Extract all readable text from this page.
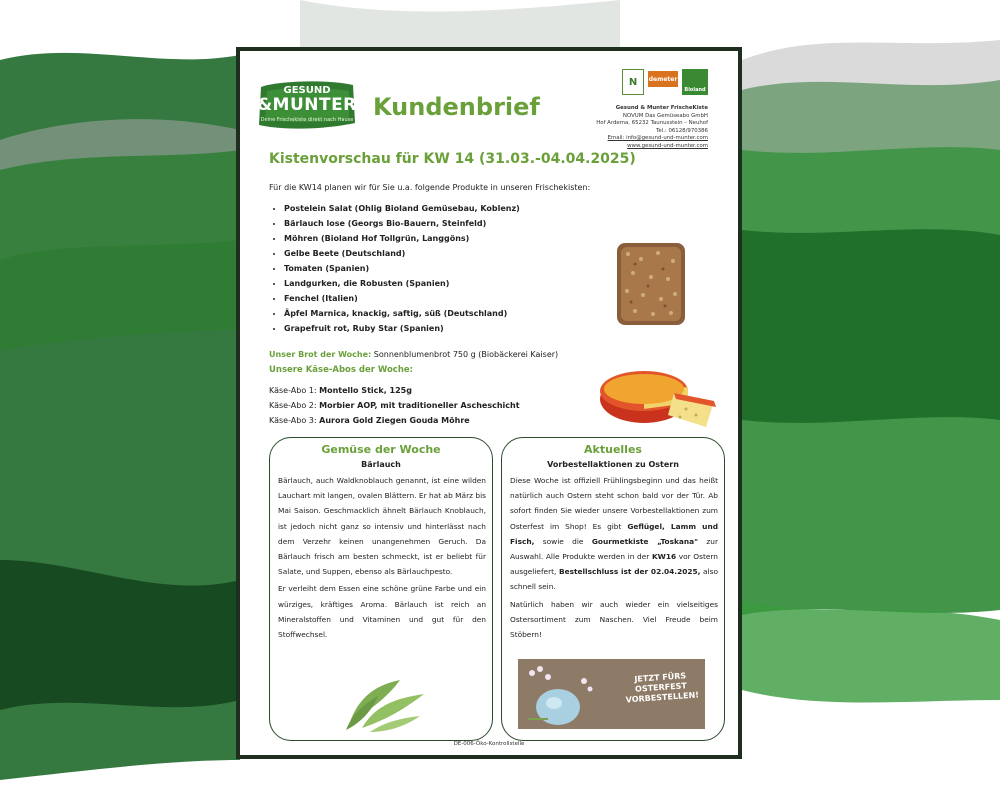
GESUND
&MUNTER
Deine Frischekiste direkt nach Hause Kundenbrief
N	demeter
Bioland
Gesund & Munter FrischeKiste
NOVUM Das Gemüseabo GmbH
Hof Ardema, 65232 Taunusstein – Neuhof
Tel.: 06128/970386
Email: info@gesund-und-munter.com
www.gesund-und-munter.com
Kistenvorschau für KW 14 (31.03.-04.04.2025)
Für die KW14 planen wir für Sie u.a. folgende Produkte in unseren Frischekisten:
• Postelein Salat (Ohlig Bioland Gemüsebau, Koblenz)
• Bärlauch lose (Georgs Bio-Bauern, Steinfeld)
• Möhren (Bioland Hof Tollgrün, Langgöns)
• Gelbe Beete (Deutschland)
• Tomaten (Spanien)
• Landgurken, die Robusten (Spanien)
• Fenchel (Italien)
• Äpfel Marnica, knackig, saftig, süß (Deutschland)
• Grapefruit rot, Ruby Star (Spanien)
Unser Brot der Woche: Sonnenblumenbrot 750 g (Biobäckerei Kaiser)
Unsere Käse-Abos der Woche:
Käse-Abo 1: Montello Stick, 125g
Käse-Abo 2: Morbier AOP, mit traditioneller Ascheschicht
Käse-Abo 3: Aurora Gold Ziegen Gouda Möhre
Gemüse der Woche
Bärlauch

Bärlauch, auch Waldknoblauch genannt, ist eine wilden Lauchart mit langen, ovalen Blättern. Er hat ab März bis Mai Saison. Geschmacklich ähnelt Bärlauch Knoblauch, ist jedoch nicht ganz so intensiv und hinterlässt nach dem Verzehr keinen unangenehmen Geruch. Da Bärlauch frisch am besten schmeckt, ist er beliebt für Salate, und Suppen, ebenso als Bärlauchpesto.

Er verleiht dem Essen eine schöne grüne Farbe und ein würziges, kräftiges Aroma. Bärlauch ist reich an Mineralstoffen und Vitaminen und gut für den Stoffwechsel.

Aktuelles
Vorbestellaktionen zu Ostern

Diese Woche ist offiziell Frühlingsbeginn und das heißt natürlich auch Ostern steht schon bald vor der Tür. Ab sofort finden Sie wieder unsere Vorbestellaktionen zum Osterfest im Shop! Es gibt Geflügel, Lamm und Fisch, sowie die Gourmetkiste „Toskana" zur Auswahl. Alle Produkte werden in der KW16 vor Ostern ausgeliefert, Bestellschluss ist der 02.04.2025, also schnell sein.

Natürlich haben wir auch wieder ein vielseitiges Ostersortiment zum Naschen. Viel Freude beim Stöbern!

JETZT FÜRS OSTERFEST VORBESTELLEN!
DE-006-Öko-Kontrollstelle
